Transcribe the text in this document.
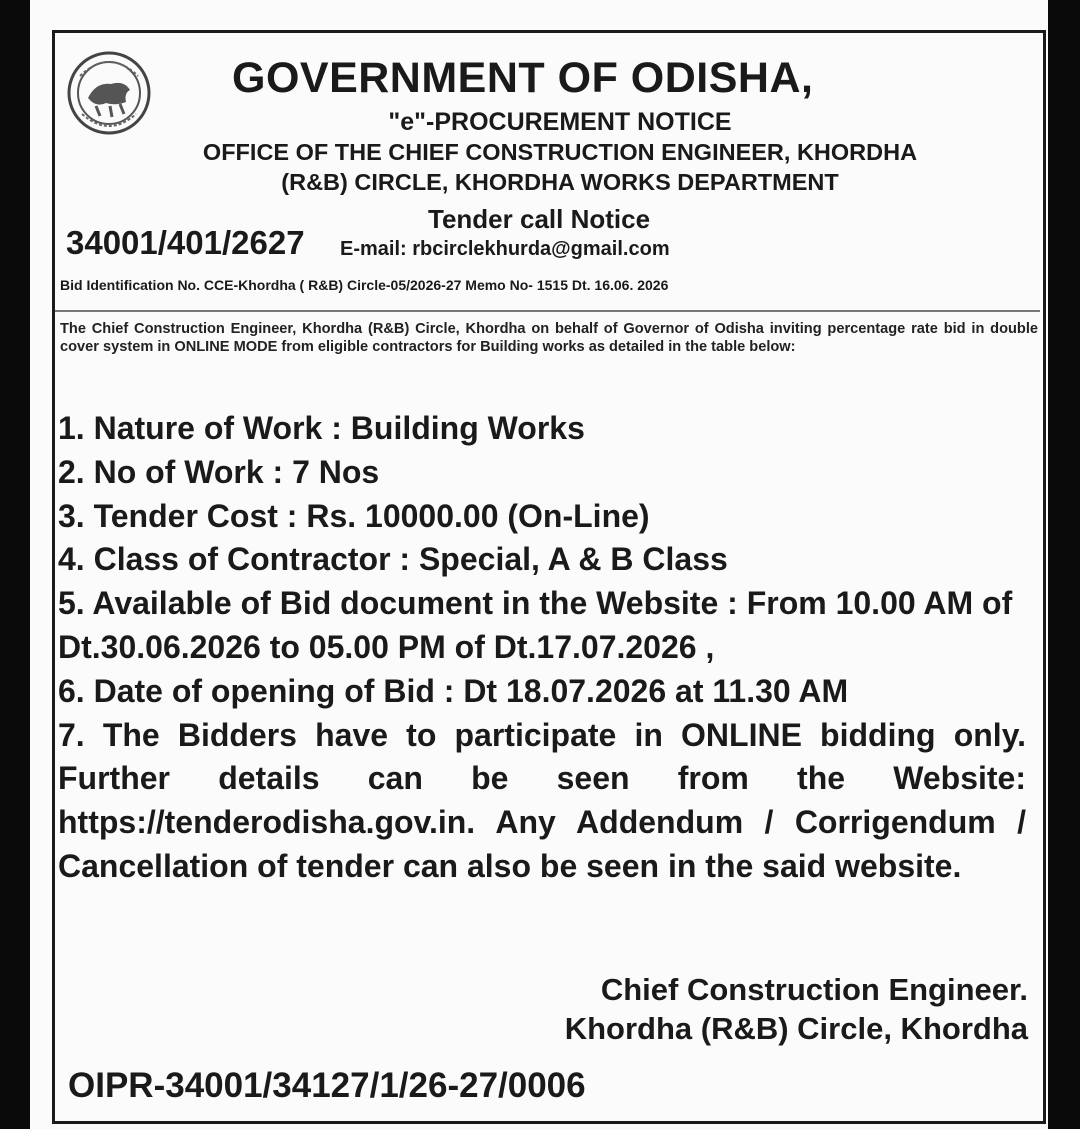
GOVERNMENT OF ODISHA,
"e"-PROCUREMENT NOTICE
OFFICE OF THE CHIEF CONSTRUCTION ENGINEER, KHORDHA
(R&B) CIRCLE, KHORDHA WORKS DEPARTMENT
Tender call Notice
34001/401/2627 E-mail: rbcirclekhurda@gmail.com
Bid Identification No. CCE-Khordha ( R&B) Circle-05/2026-27 Memo No- 1515 Dt. 16.06. 2026
The Chief Construction Engineer, Khordha (R&B) Circle, Khordha on behalf of Governor of Odisha inviting percentage rate bid in double cover system in ONLINE MODE from eligible contractors for Building works as detailed in the table below:
1. Nature of Work : Building Works
2. No of Work : 7 Nos
3. Tender Cost : Rs. 10000.00 (On-Line)
4. Class of Contractor : Special, A & B Class
5. Available of Bid document in the Website : From 10.00 AM of Dt.30.06.2026 to 05.00 PM of Dt.17.07.2026 ,
6. Date of opening of Bid : Dt 18.07.2026 at 11.30 AM
7. The Bidders have to participate in ONLINE bidding only. Further details can be seen from the Website: https://tenderodisha.gov.in. Any Addendum / Corrigendum / Cancellation of tender can also be seen in the said website.
Chief Construction Engineer.
Khordha (R&B) Circle, Khordha
OIPR-34001/34127/1/26-27/0006
